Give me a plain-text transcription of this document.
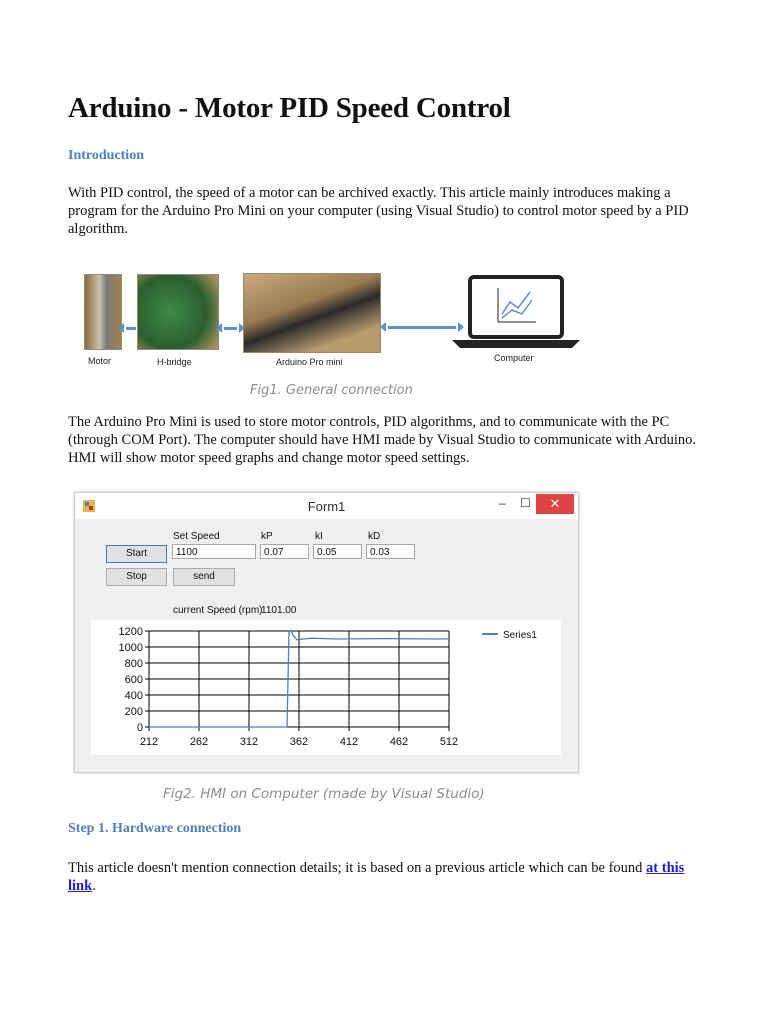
Arduino - Motor PID Speed Control

Introduction

With PID control, the speed of a motor can be archived exactly. This article mainly introduces making a program for the Arduino Pro Mini on your computer (using Visual Studio) to control motor speed by a PID algorithm.

Motor	H-bridge	Arduino Pro mini	Computer
Fig1. General connection

The Arduino Pro Mini is used to store motor controls, PID algorithms, and to communicate with the PC (through COM Port). The computer should have HMI made by Visual Studio to communicate with Arduino. HMI will show motor speed graphs and change motor speed settings.

Form1	– ☐	✕
Set Speed	kP	kI	kD
Start	1100	0.07	0.05	0.03
Stop	send
current Speed (rpm)
1101.00
0
200
400
600
800
1000
1200
212	262	312	362	412	462	512
Series1
Fig2. HMI on Computer (made by Visual Studio)

Step 1. Hardware connection

This article doesn't mention connection details; it is based on a previous article which can be found at this link.
